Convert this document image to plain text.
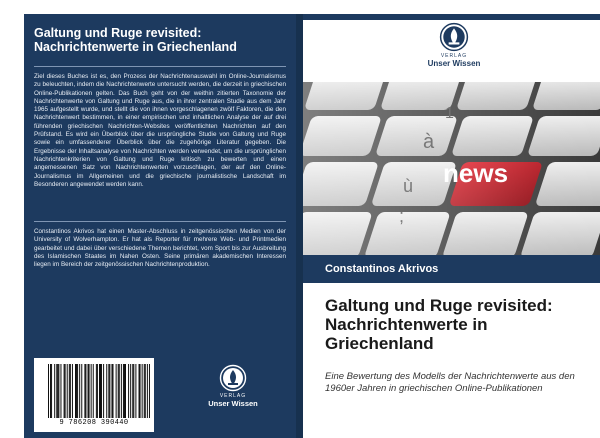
Galtung und Ruge revisited: Nachrichtenwerte in Griechenland
Ziel dieses Buches ist es, den Prozess der Nachrichtenauswahl im Online-Journalismus zu beleuchten, indem die Nachrichtenwerte untersucht werden, die derzeit in griechischen Online-Publikationen gelten. Das Buch geht von der weithin zitierten Taxonomie der Nachrichtenwerte von Galtung und Ruge aus, die in ihrer zentralen Studie aus dem Jahr 1965 aufgestellt wurde, und stellt die von ihnen vorgeschlagenen zwölf Faktoren, die den Nachrichtenwert bestimmen, in einer empirischen und inhaltlichen Analyse der auf drei führenden griechischen Nachrichten-Websites veröffentlichten Nachrichten auf den Prüfstand. Es wird ein Überblick über die ursprüngliche Studie von Galtung und Ruge sowie ein umfassenderer Überblick über die zugehörige Literatur gegeben. Die Ergebnisse der Inhaltsanalyse von Nachrichten werden verwendet, um die ursprünglichen Nachrichtenkriterien von Galtung und Ruge kritisch zu bewerten und einen angemessenen Satz von Nachrichtenwerten vorzuschlagen, der auf den Online-Journalismus im Allgemeinen und die griechische journalistische Landschaft im Besonderen angewendet werden kann.
Constantinos Akrivos hat einen Master-Abschluss in zeitgenössischen Medien von der University of Wolverhampton. Er hat als Reporter für mehrere Web- und Printmedien gearbeitet und dabei über verschiedene Themen berichtet, vom Sport bis zur Ausbreitung des Islamischen Staates im Nahen Osten. Seine primären akademischen Interessen liegen im Bereich der zeitgenössischen Nachrichtenproduktion.
9 786208 390440
VERLAG
Unser Wissen
VERLAG
Unser Wissen
Constantinos Akrivos
Galtung und Ruge revisited: Nachrichtenwerte in Griechenland
Eine Bewertung des Modells der Nachrichtenwerte aus den 1960er Jahren in griechischen Online-Publikationen
